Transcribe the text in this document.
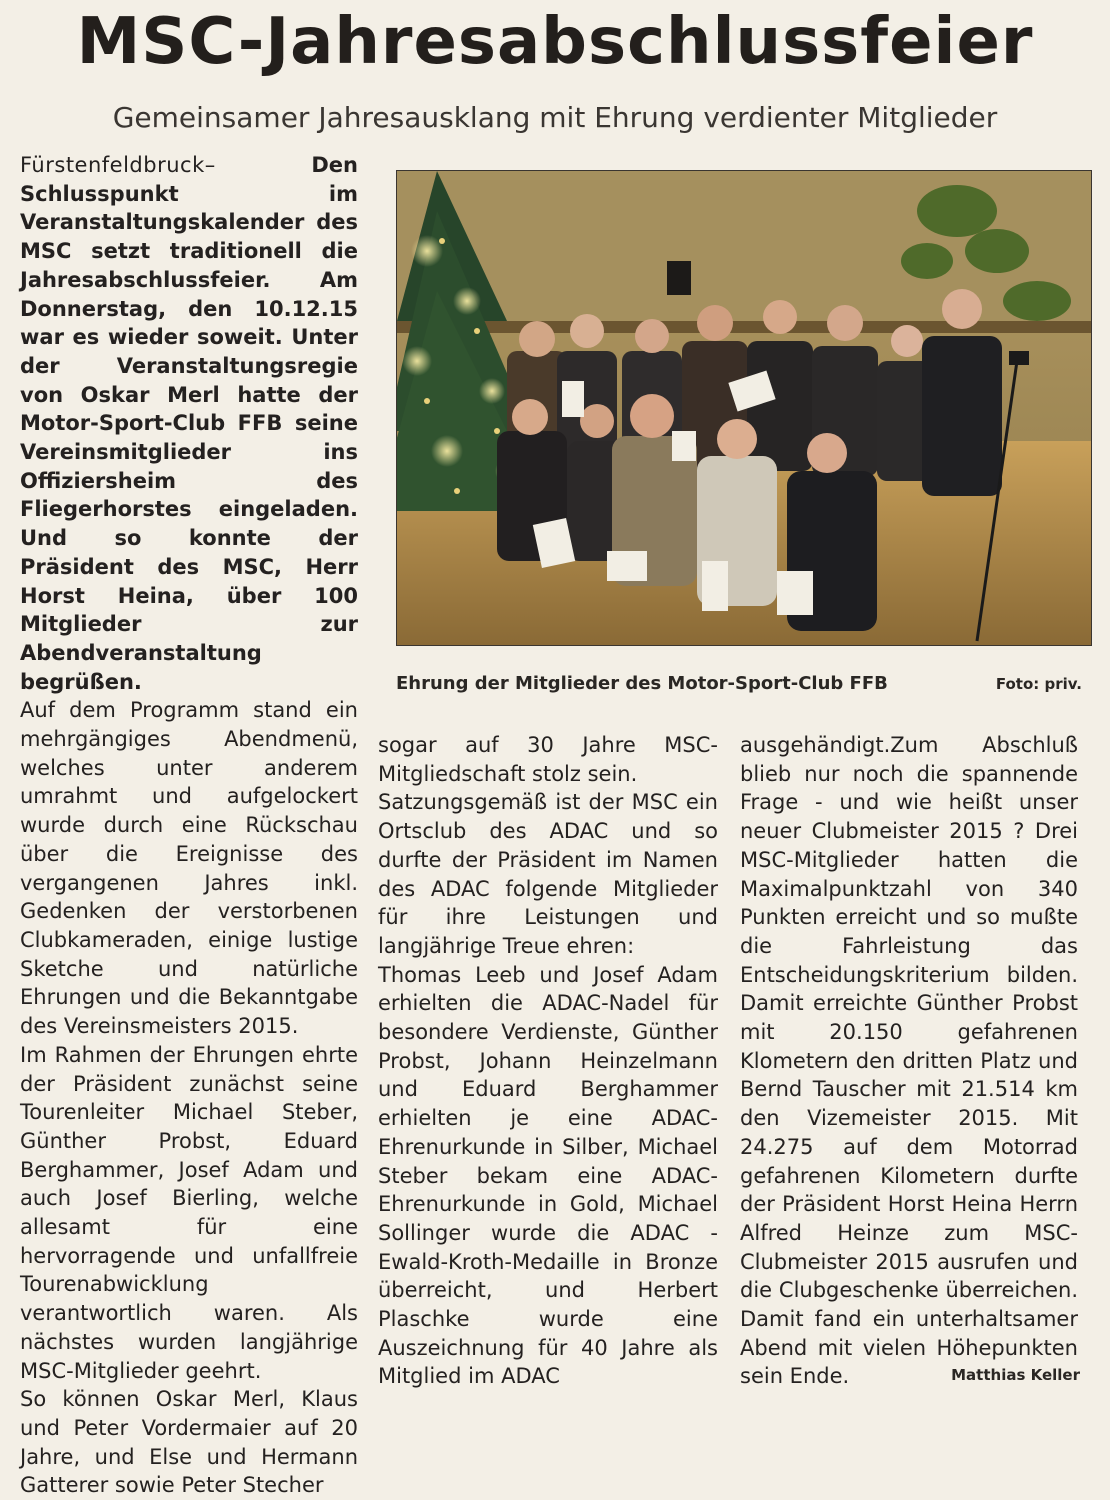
MSC-Jahresabschlussfeier
Gemeinsamer Jahresausklang mit Ehrung verdienter Mitglieder

Fürstenfeldbruck–	Den Schlusspunkt im Veranstaltungskalender des MSC setzt traditionell die Jahresabschlussfeier. Am Donnerstag, den 10.12.15 war es wieder soweit. Unter der Veranstaltungsregie von Oskar Merl hatte der Motor-Sport-Club FFB seine Vereinsmitglieder ins Offiziersheim des Fliegerhorstes eingeladen. Und so konnte der Präsident des MSC, Herr Horst Heina, über 100 Mitglieder zur Abendveranstaltung begrüßen.

Auf dem Programm stand ein mehrgängiges Abendmenü, welches unter anderem umrahmt und aufgelockert wurde durch eine Rückschau über die Ereignisse des vergangenen Jahres inkl. Gedenken der verstorbenen Clubkameraden, einige lustige Sketche und natürliche Ehrungen und die Bekanntgabe des Vereinsmeisters 2015.

Im Rahmen der Ehrungen ehrte der Präsident zunächst seine Tourenleiter Michael Steber, Günther Probst, Eduard Berghammer, Josef Adam und auch Josef Bierling, welche allesamt für eine hervorragende und unfallfreie Tourenabwicklung verantwortlich waren. Als nächstes wurden langjährige MSC-Mitglieder geehrt.

So können Oskar Merl, Klaus und Peter Vordermaier auf 20 Jahre, und Else und Hermann Gatterer sowie Peter Stecher

Ehrung der Mitglieder des Motor-Sport-Club FFB	Foto: priv.

sogar auf 30 Jahre MSC-Mitgliedschaft stolz sein.

Satzungsgemäß ist der MSC ein Ortsclub des ADAC und so durfte der Präsident im Namen des ADAC folgende Mitglieder für ihre Leistungen und langjährige Treue ehren:

Thomas Leeb und Josef Adam erhielten die ADAC-Nadel für besondere Verdienste, Günther Probst, Johann Heinzelmann und Eduard Berghammer erhielten je eine ADAC-Ehrenurkunde in Silber, Michael Steber bekam eine ADAC-Ehrenurkunde in Gold, Michael Sollinger wurde die ADAC - Ewald-Kroth-Medaille in Bronze überreicht, und Herbert Plaschke wurde eine Auszeichnung für 40 Jahre als Mitglied im ADAC

ausgehändigt.Zum Abschluß blieb nur noch die spannende Frage - und wie heißt unser neuer Clubmeister 2015 ? Drei MSC-Mitglieder hatten die Maximalpunktzahl von 340 Punkten erreicht und so mußte die Fahrleistung das Entscheidungskriterium bilden. Damit erreichte Günther Probst mit 20.150 gefahrenen Klometern den dritten Platz und Bernd Tauscher mit 21.514 km den Vizemeister 2015. Mit 24.275 auf dem Motorrad gefahrenen Kilometern durfte der Präsident Horst Heina Herrn Alfred Heinze zum MSC-Clubmeister 2015 ausrufen und die Clubgeschenke überreichen. Damit fand ein unterhaltsamer Abend mit vielen Höhepunkten sein Ende.	Matthias Keller
